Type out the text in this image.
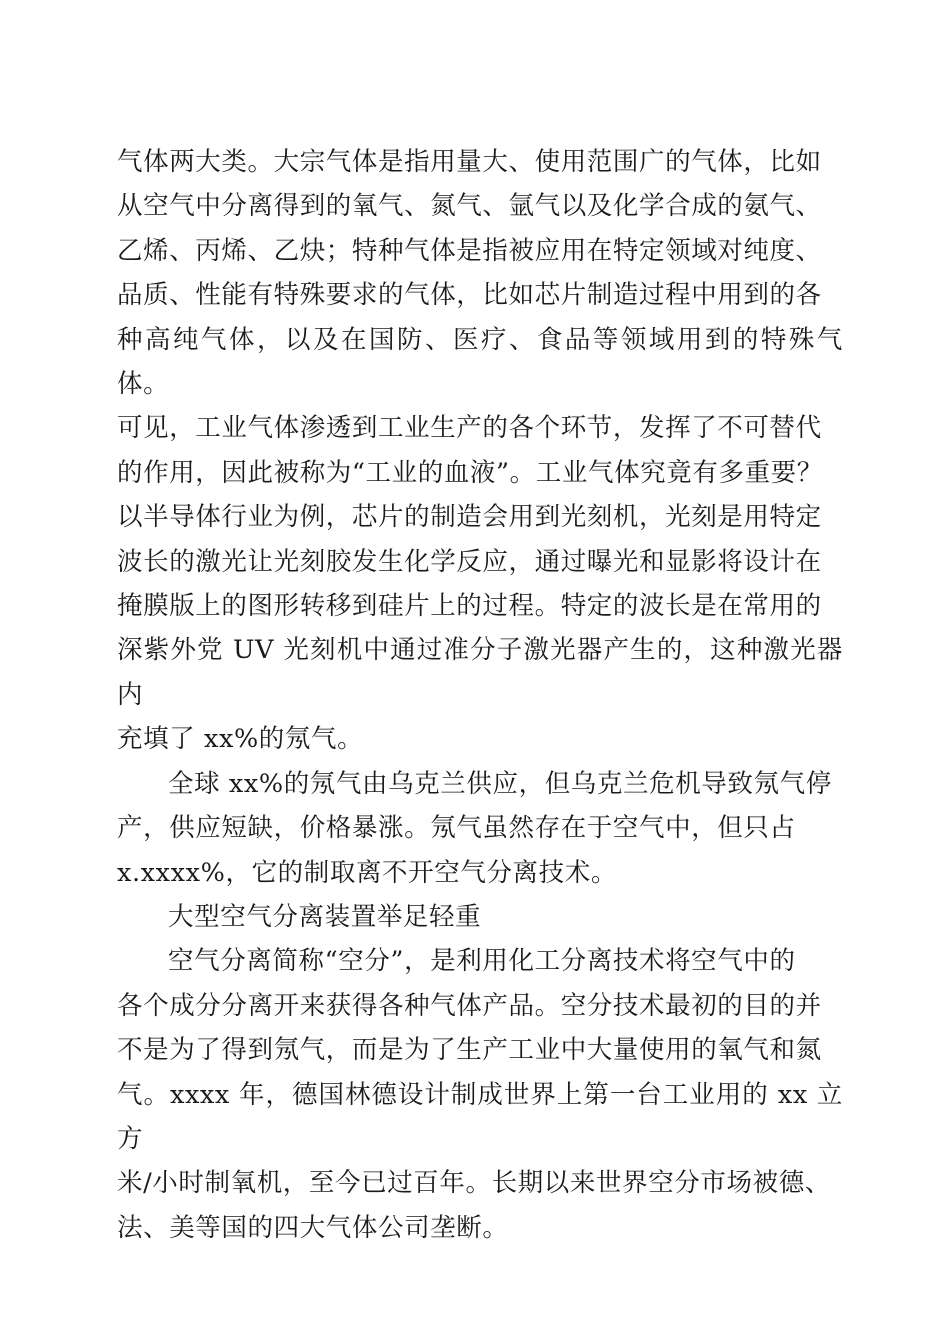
气体两大类。大宗气体是指用量大、使用范围广的气体，比如
从空气中分离得到的氧气、氮气、氩气以及化学合成的氨气、
乙烯、丙烯、乙炔；特种气体是指被应用在特定领域对纯度、
品质、性能有特殊要求的气体，比如芯片制造过程中用到的各
种高纯气体，以及在国防、医疗、食品等领域用到的特殊气体。
可见，工业气体渗透到工业生产的各个环节，发挥了不可替代
的作用，因此被称为“工业的血液”。工业气体究竟有多重要？
以半导体行业为例，芯片的制造会用到光刻机，光刻是用特定
波长的激光让光刻胶发生化学反应，通过曝光和显影将设计在
掩膜版上的图形转移到硅片上的过程。特定的波长是在常用的
深紫外党 UV 光刻机中通过准分子激光器产生的，这种激光器内
充填了 xx%的氖气。

全球 xx%的氖气由乌克兰供应，但乌克兰危机导致氖气停
产，供应短缺，价格暴涨。氖气虽然存在于空气中，但只占
x.xxxx%，它的制取离不开空气分离技术。

大型空气分离装置举足轻重

空气分离简称“空分”，是利用化工分离技术将空气中的
各个成分分离开来获得各种气体产品。空分技术最初的目的并
不是为了得到氖气，而是为了生产工业中大量使用的氧气和氮
气。xxxx 年，德国林德设计制成世界上第一台工业用的 xx 立方
米/小时制氧机，至今已过百年。长期以来世界空分市场被德、
法、美等国的四大气体公司垄断。
